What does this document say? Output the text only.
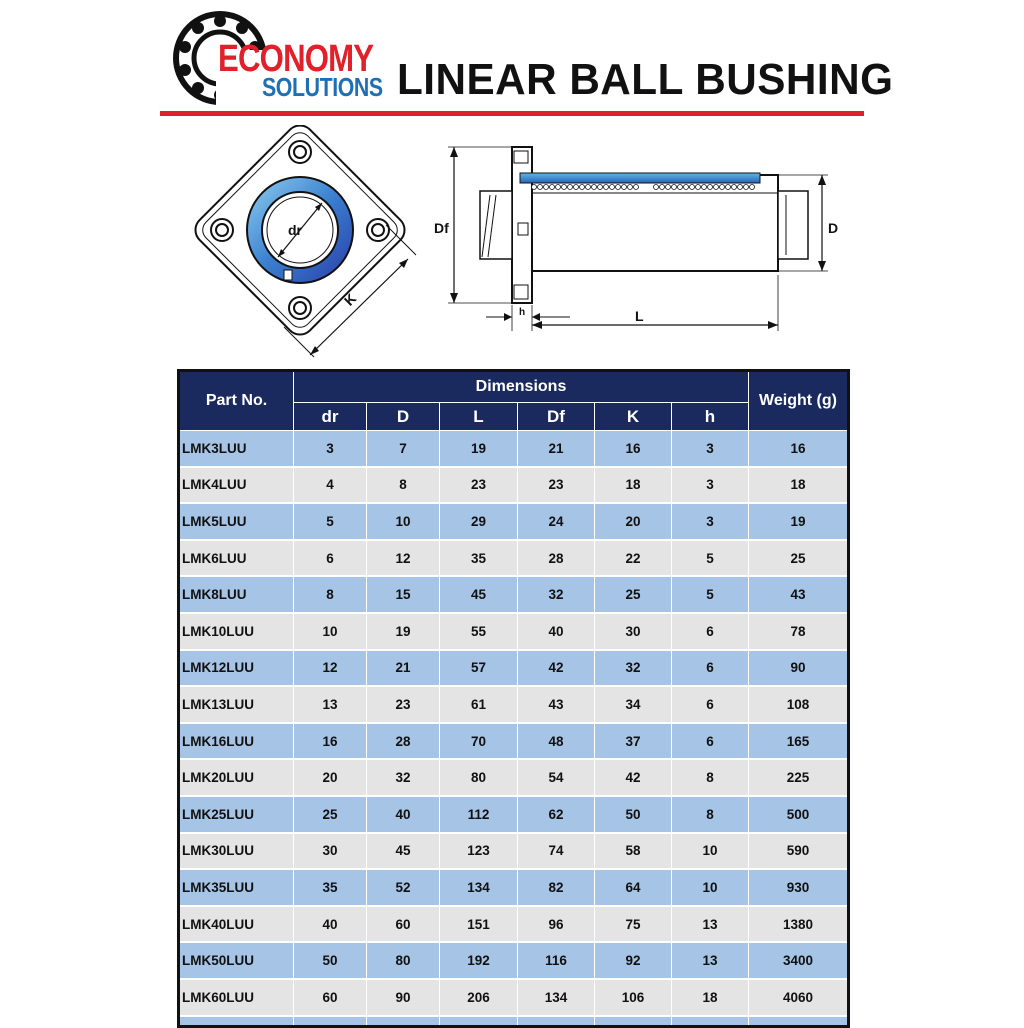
ECONOMY
SOLUTIONS LINEAR BALL BUSHING
dr
K
Df	D
L
h
Part No.	Dimensions						Weight (g)
	dr	D	L	Df	K	h	
LMK3LUU	3	7	19	21	16	3	16
LMK4LUU	4	8	23	23	18	3	18
LMK5LUU	5	10	29	24	20	3	19
LMK6LUU	6	12	35	28	22	5	25
LMK8LUU	8	15	45	32	25	5	43
LMK10LUU	10	19	55	40	30	6	78
LMK12LUU	12	21	57	42	32	6	90
LMK13LUU	13	23	61	43	34	6	108
LMK16LUU	16	28	70	48	37	6	165
LMK20LUU	20	32	80	54	42	8	225
LMK25LUU	25	40	112	62	50	8	500
LMK30LUU	30	45	123	74	58	10	590
LMK35LUU	35	52	134	82	64	10	930
LMK40LUU	40	60	151	96	75	13	1380
LMK50LUU	50	80	192	116	92	13	3400
LMK60LUU	60	90	206	134	106	18	4060
